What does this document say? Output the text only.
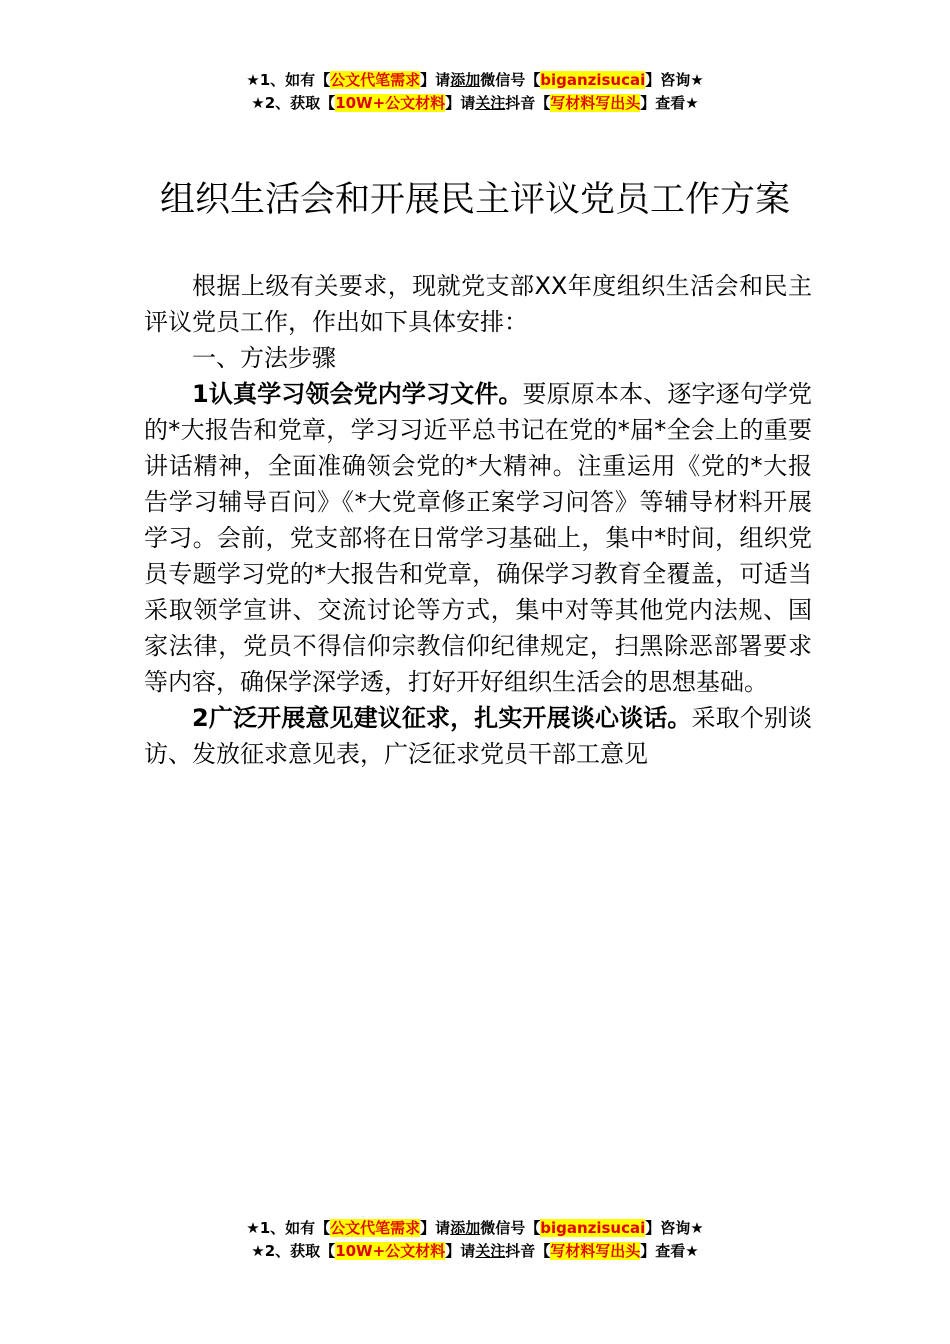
★1、如有【公文代笔需求】请添加微信号【biganzisucai】咨询★
★2、获取【10W+公文材料】请关注抖音【写材料写出头】查看★
组织生活会和开展民主评议党员工作方案

根据上级有关要求，现就党支部XX年度组织生活会和民主评议党员工作，作出如下具体安排：

一、方法步骤

1认真学习领会党内学习文件。要原原本本、逐字逐句学党的*大报告和党章，学习习近平总书记在党的*届*全会上的重要讲话精神，全面准确领会党的*大精神。注重运用《党的*大报告学习辅导百问》《*大党章修正案学习问答》等辅导材料开展学习。会前，党支部将在日常学习基础上，集中*时间，组织党员专题学习党的*大报告和党章，确保学习教育全覆盖，可适当采取领学宣讲、交流讨论等方式，集中对等其他党内法规、国家法律，党员不得信仰宗教信仰纪律规定，扫黑除恶部署要求等内容，确保学深学透，打好开好组织生活会的思想基础。

2广泛开展意见建议征求，扎实开展谈心谈话。采取个别谈访、发放征求意见表，广泛征求党员干部工意见

★1、如有【公文代笔需求】请添加微信号【biganzisucai】咨询★
★2、获取【10W+公文材料】请关注抖音【写材料写出头】查看★
